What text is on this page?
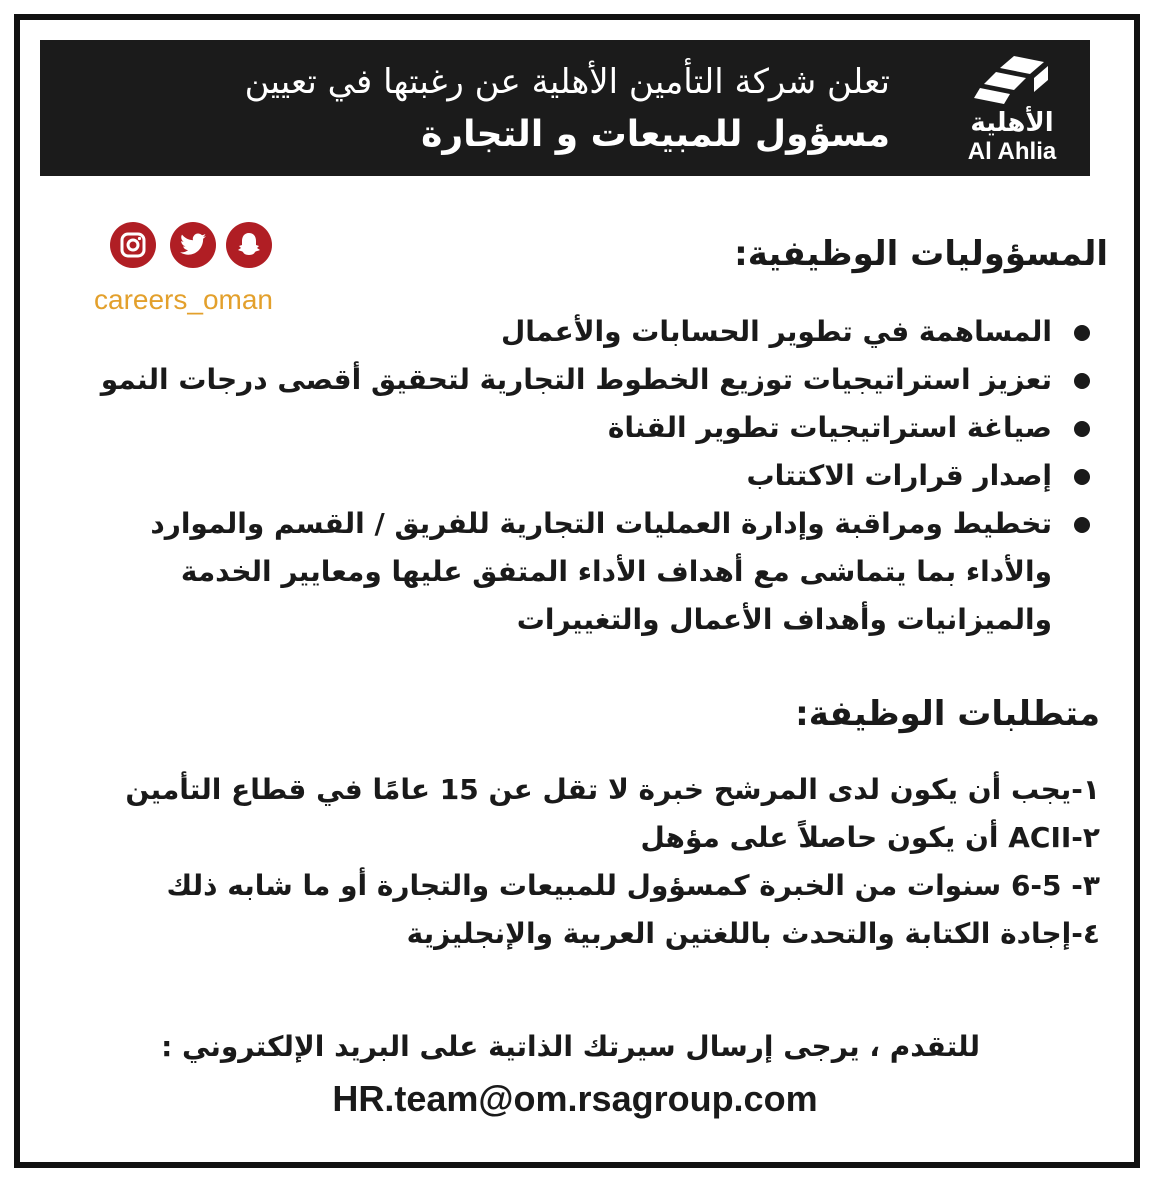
الأهلية
Al Ahlia
تعلن شركة التأمين الأهلية عن رغبتها في تعيين
مسؤول للمبيعات و التجارة
careers_oman
المسؤوليات الوظيفية:
المساهمة في تطوير الحسابات والأعمال
تعزيز استراتيجيات توزيع الخطوط التجارية لتحقيق أقصى درجات النمو
صياغة استراتيجيات تطوير القناة
إصدار قرارات الاكتتاب
تخطيط ومراقبة وإدارة العمليات التجارية للفريق / القسم والموارد والأداء بما يتماشى مع أهداف الأداء المتفق عليها ومعايير الخدمة والميزانيات وأهداف الأعمال والتغييرات
متطلبات الوظيفة:
١-يجب أن يكون لدى المرشح خبرة لا تقل عن 15 عامًا في قطاع التأمين
٢-ACII أن يكون حاصلاً على مؤهل
٣- 6-5 سنوات من الخبرة كمسؤول للمبيعات والتجارة أو ما شابه ذلك
٤-إجادة الكتابة والتحدث باللغتين العربية والإنجليزية
للتقدم ، يرجى إرسال سيرتك الذاتية على البريد الإلكتروني :
HR.team@om.rsagroup.com
